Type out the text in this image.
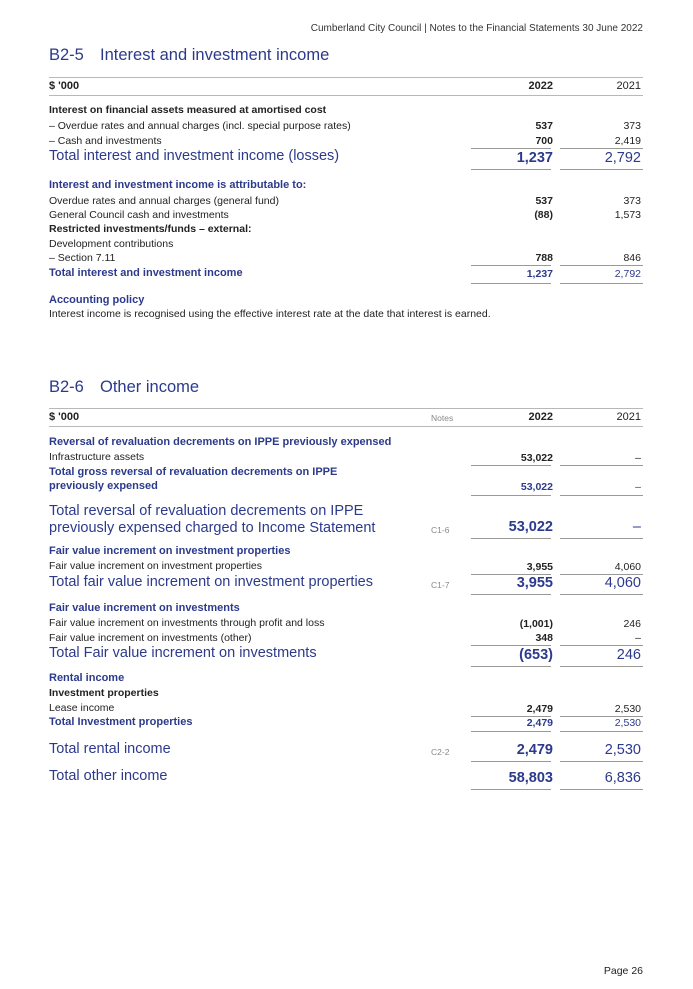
Cumberland City Council | Notes to the Financial Statements 30 June 2022
B2-5 Interest and investment income
$ '000	2022	2021
Interest on financial assets measured at amortised cost
– Overdue rates and annual charges (incl. special purpose rates)	537	373
– Cash and investments	700	2,419
Total interest and investment income (losses)	1,237	2,792
Interest and investment income is attributable to:
Overdue rates and annual charges (general fund)	537	373
General Council cash and investments	(88)	1,573
Restricted investments/funds – external:
Development contributions
– Section 7.11	788	846
Total interest and investment income	1,237	2,792
Accounting policy
Interest income is recognised using the effective interest rate at the date that interest is earned.
B2-6 Other income
$ '000	Notes	2022	2021
Reversal of revaluation decrements on IPPE previously expensed
Infrastructure assets	53,022	–
Total gross reversal of revaluation decrements on IPPE previously expensed	53,022	–
Total reversal of revaluation decrements on IPPE previously expensed charged to Income Statement	C1-6	53,022	–
Fair value increment on investment properties
Fair value increment on investment properties	3,955	4,060
Total fair value increment on investment properties	C1-7	3,955	4,060
Fair value increment on investments
Fair value increment on investments through profit and loss	(1,001)	246
Fair value increment on investments (other)	348	–
Total Fair value increment on investments	(653)	246
Rental income
Investment properties
Lease income	2,479	2,530
Total Investment properties	2,479	2,530
Total rental income	C2-2	2,479	2,530
Total other income	58,803	6,836
Page 26
